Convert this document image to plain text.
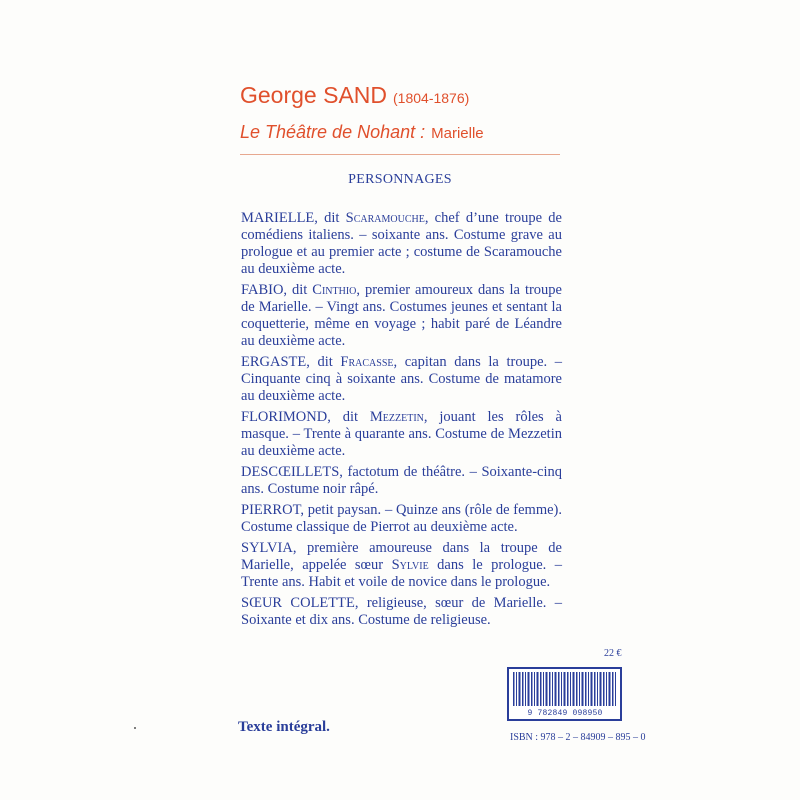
George SAND (1804-1876)
Le Théâtre de Nohant : Marielle
PERSONNAGES
MARIELLE, dit Scaramouche, chef d’une troupe de comédiens italiens. – soixante ans. Costume grave au prologue et au premier acte ; costume de Scaramouche au deuxième acte.
FABIO, dit Cinthio, premier amoureux dans la troupe de Marielle. – Vingt ans. Costumes jeunes et sentant la coquetterie, même en voyage ; habit paré de Léandre au deuxième acte.
ERGASTE, dit Fracasse, capitan dans la troupe. – Cinquante cinq à soixante ans. Costume de matamore au deuxième acte.
FLORIMOND, dit Mezzetin, jouant les rôles à masque. – Trente à quarante ans. Costume de Mezzetin au deuxième acte.
DESCŒILLETS, factotum de théâtre. – Soixante-cinq ans. Costume noir râpé.
PIERROT, petit paysan. – Quinze ans (rôle de femme). Costume classique de Pierrot au deuxième acte.
SYLVIA, première amoureuse dans la troupe de Marielle, appelée sœur Sylvie dans le prologue. – Trente ans. Habit et voile de novice dans le prologue.
SŒUR COLETTE, religieuse, sœur de Marielle. – Soixante et dix ans. Costume de religieuse.
22 €
9 782849 098950
ISBN : 978 – 2 – 84909 – 895 – 0
Texte intégral.
